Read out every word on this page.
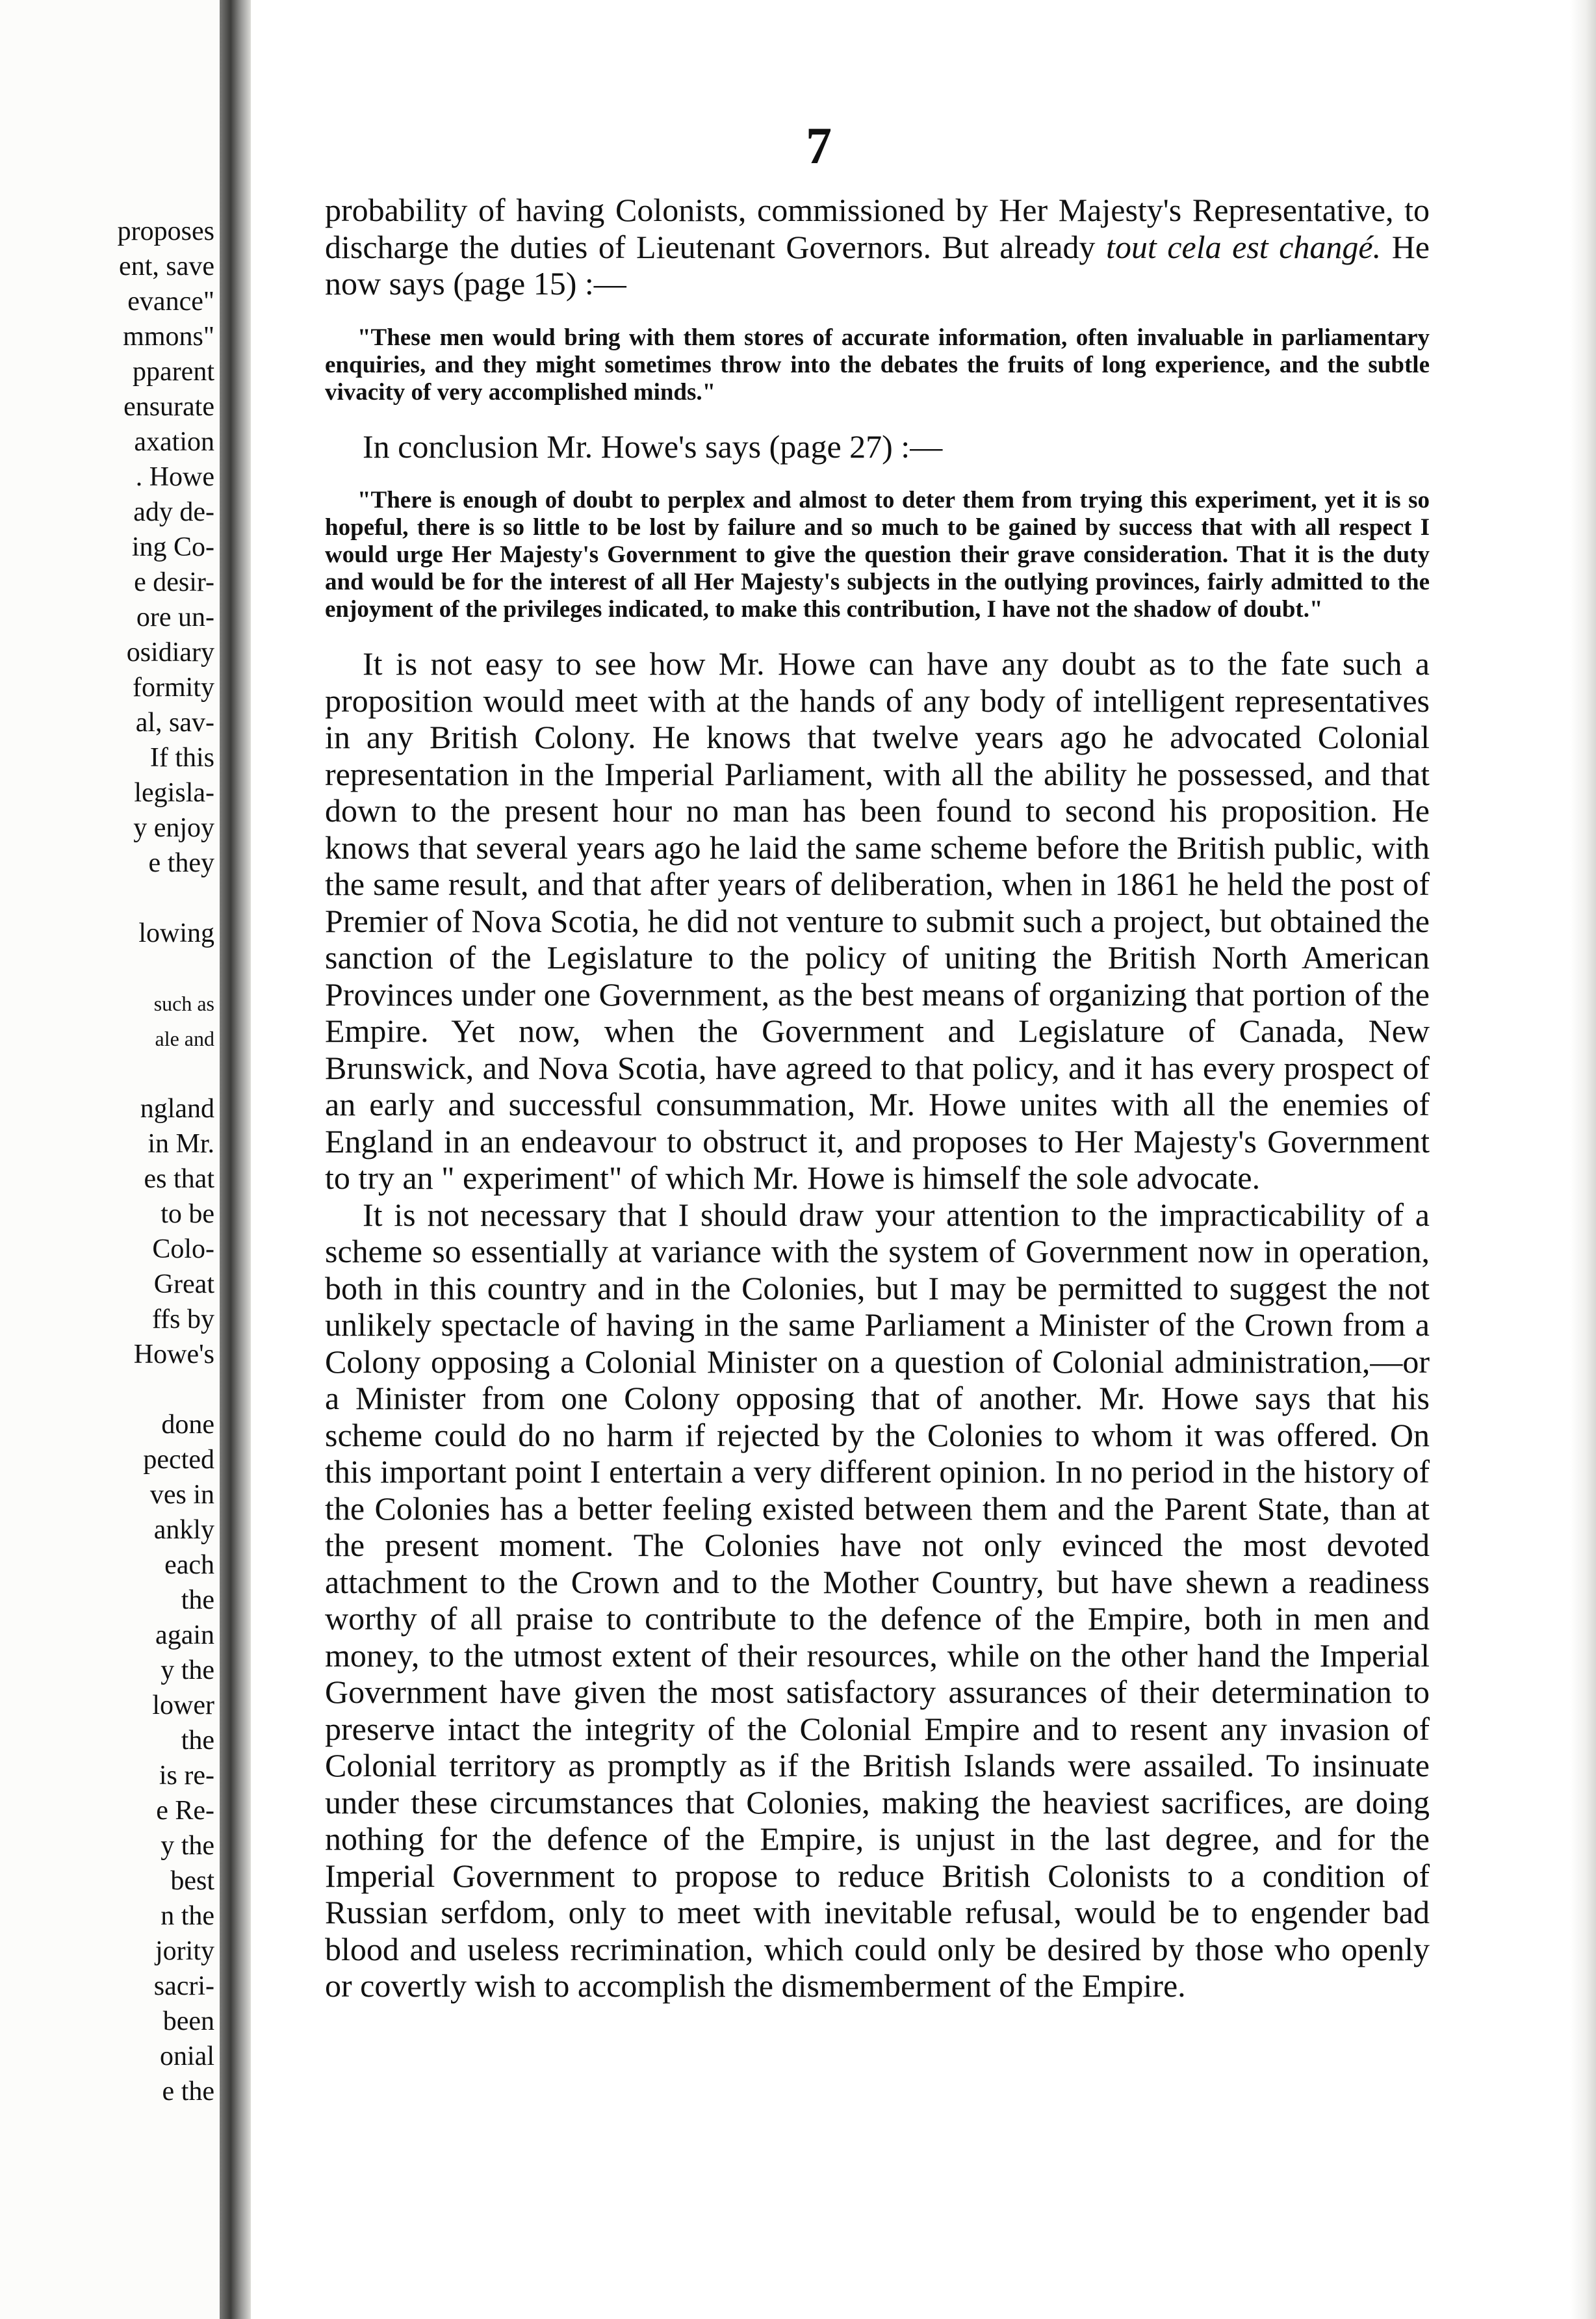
proposes
ent, save
evance"
mmons"
pparent
ensurate
axation
. Howe
ady de-
ing Co-
e desir-
ore un-
osidiary
formity
al, sav-
If this
legisla-
y enjoy
e they
lowing
such as
ale and
ngland
in Mr.
es that
to be
Colo-
Great
ffs by
Howe's
done
pected
ves in
ankly
each
the
again
y the
lower
the
is re-
e Re-
y the
best
n the
jority
sacri-
been
onial
e the
7

probability of having Colonists, commissioned by Her Majesty's Representative, to discharge the duties of Lieutenant Governors. But already tout cela est changé. He now says (page 15) :—

"These men would bring with them stores of accurate information, often invaluable in parliamentary enquiries, and they might sometimes throw into the debates the fruits of long experience, and the subtle vivacity of very accomplished minds."

In conclusion Mr. Howe's says (page 27) :—

"There is enough of doubt to perplex and almost to deter them from trying this experiment, yet it is so hopeful, there is so little to be lost by failure and so much to be gained by success that with all respect I would urge Her Majesty's Government to give the question their grave consideration. That it is the duty and would be for the interest of all Her Majesty's subjects in the outlying provinces, fairly admitted to the enjoyment of the privileges indicated, to make this contribution, I have not the shadow of doubt."

It is not easy to see how Mr. Howe can have any doubt as to the fate such a proposition would meet with at the hands of any body of intelligent representatives in any British Colony. He knows that twelve years ago he advocated Colonial representation in the Imperial Parliament, with all the ability he possessed, and that down to the present hour no man has been found to second his proposition. He knows that several years ago he laid the same scheme before the British public, with the same result, and that after years of deliberation, when in 1861 he held the post of Premier of Nova Scotia, he did not venture to submit such a project, but obtained the sanction of the Legislature to the policy of uniting the British North American Provinces under one Government, as the best means of organizing that portion of the Empire. Yet now, when the Government and Legislature of Canada, New Brunswick, and Nova Scotia, have agreed to that policy, and it has every prospect of an early and successful consummation, Mr. Howe unites with all the enemies of England in an endeavour to obstruct it, and proposes to Her Majesty's Government to try an " experiment" of which Mr. Howe is himself the sole advocate.

It is not necessary that I should draw your attention to the impracticability of a scheme so essentially at variance with the system of Government now in operation, both in this country and in the Colonies, but I may be permitted to suggest the not unlikely spectacle of having in the same Parliament a Minister of the Crown from a Colony opposing a Colonial Minister on a question of Colonial administration,—or a Minister from one Colony opposing that of another. Mr. Howe says that his scheme could do no harm if rejected by the Colonies to whom it was offered. On this important point I entertain a very different opinion. In no period in the history of the Colonies has a better feeling existed between them and the Parent State, than at the present moment. The Colonies have not only evinced the most devoted attachment to the Crown and to the Mother Country, but have shewn a readiness worthy of all praise to contribute to the defence of the Empire, both in men and money, to the utmost extent of their resources, while on the other hand the Imperial Government have given the most satisfactory assurances of their determination to preserve intact the integrity of the Colonial Empire and to resent any invasion of Colonial territory as promptly as if the British Islands were assailed. To insinuate under these circumstances that Colonies, making the heaviest sacrifices, are doing nothing for the defence of the Empire, is unjust in the last degree, and for the Imperial Government to propose to reduce British Colonists to a condition of Russian serfdom, only to meet with inevitable refusal, would be to engender bad blood and useless recrimination, which could only be desired by those who openly or covertly wish to accomplish the dismemberment of the Empire.
